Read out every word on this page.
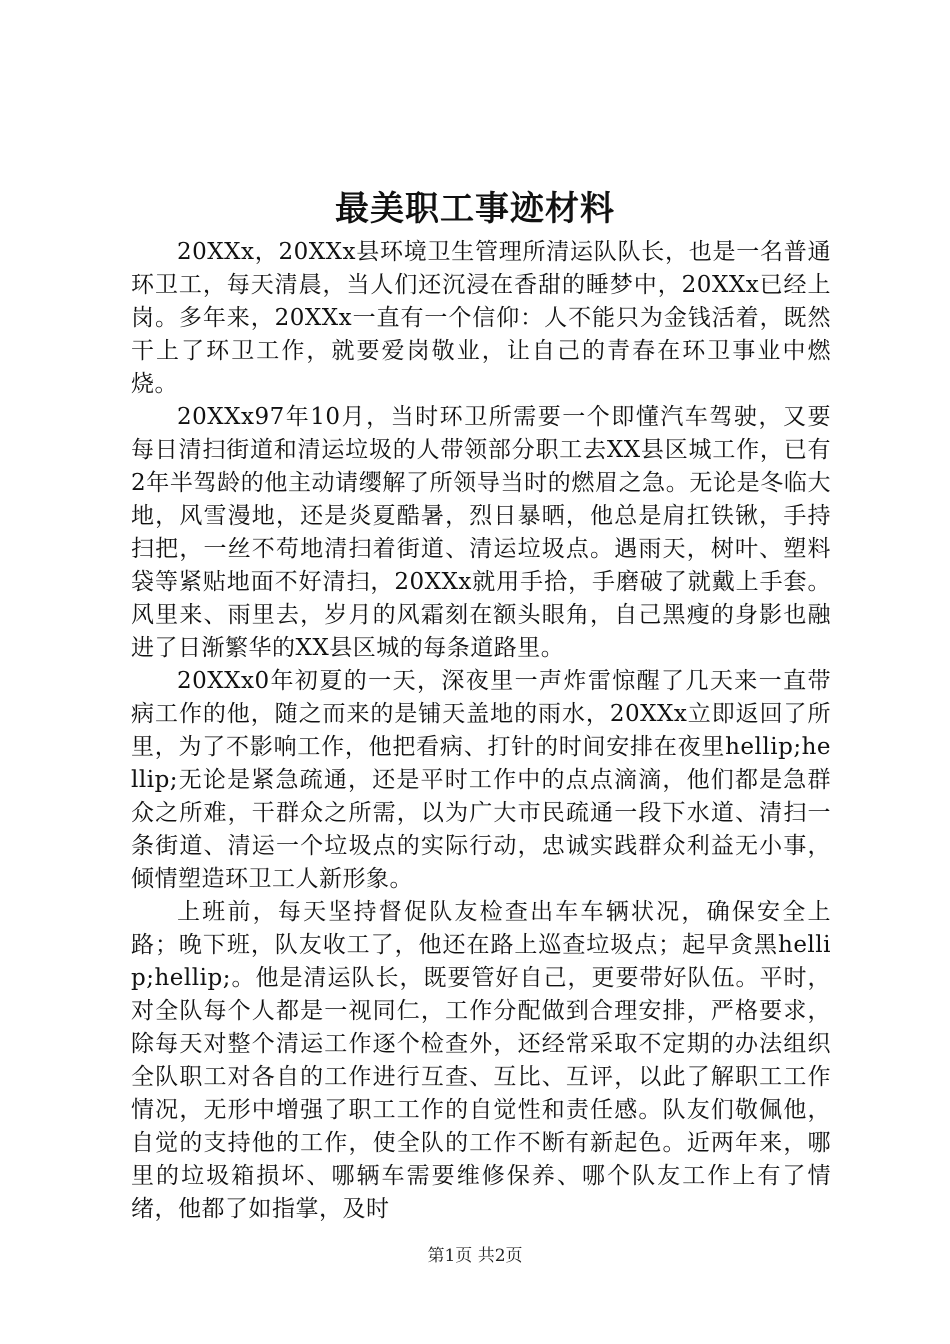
最美职工事迹材料

20XXx，20XXx县环境卫生管理所清运队队长，也是一名普通环卫工，每天清晨，当人们还沉浸在香甜的睡梦中，20XXx已经上岗。多年来，20XXx一直有一个信仰：人不能只为金钱活着，既然干上了环卫工作，就要爱岗敬业，让自己的青春在环卫事业中燃烧。

20XXx97年10月，当时环卫所需要一个即懂汽车驾驶，又要每日清扫街道和清运垃圾的人带领部分职工去XX县区城工作，已有2年半驾龄的他主动请缨解了所领导当时的燃眉之急。无论是冬临大地，风雪漫地，还是炎夏酷暑，烈日暴晒，他总是肩扛铁锹，手持扫把，一丝不苟地清扫着街道、清运垃圾点。遇雨天，树叶、塑料袋等紧贴地面不好清扫，20XXx就用手拾，手磨破了就戴上手套。风里来、雨里去，岁月的风霜刻在额头眼角，自己黑瘦的身影也融进了日渐繁华的XX县区城的每条道路里。

20XXx0年初夏的一天，深夜里一声炸雷惊醒了几天来一直带病工作的他，随之而来的是铺天盖地的雨水，20XXx立即返回了所里，为了不影响工作，他把看病、打针的时间安排在夜里hellip;hellip;无论是紧急疏通，还是平时工作中的点点滴滴，他们都是急群众之所难，干群众之所需，以为广大市民疏通一段下水道、清扫一条街道、清运一个垃圾点的实际行动，忠诚实践群众利益无小事，倾情塑造环卫工人新形象。

上班前，每天坚持督促队友检查出车车辆状况，确保安全上路；晚下班，队友收工了，他还在路上巡查垃圾点；起早贪黑hellip;hellip;。他是清运队长，既要管好自己，更要带好队伍。平时，对全队每个人都是一视同仁，工作分配做到合理安排，严格要求，除每天对整个清运工作逐个检查外，还经常采取不定期的办法组织全队职工对各自的工作进行互查、互比、互评，以此了解职工工作情况，无形中增强了职工工作的自觉性和责任感。队友们敬佩他，自觉的支持他的工作，使全队的工作不断有新起色。近两年来，哪里的垃圾箱损坏、哪辆车需要维修保养、哪个队友工作上有了情绪，他都了如指掌，及时

第1页 共2页
